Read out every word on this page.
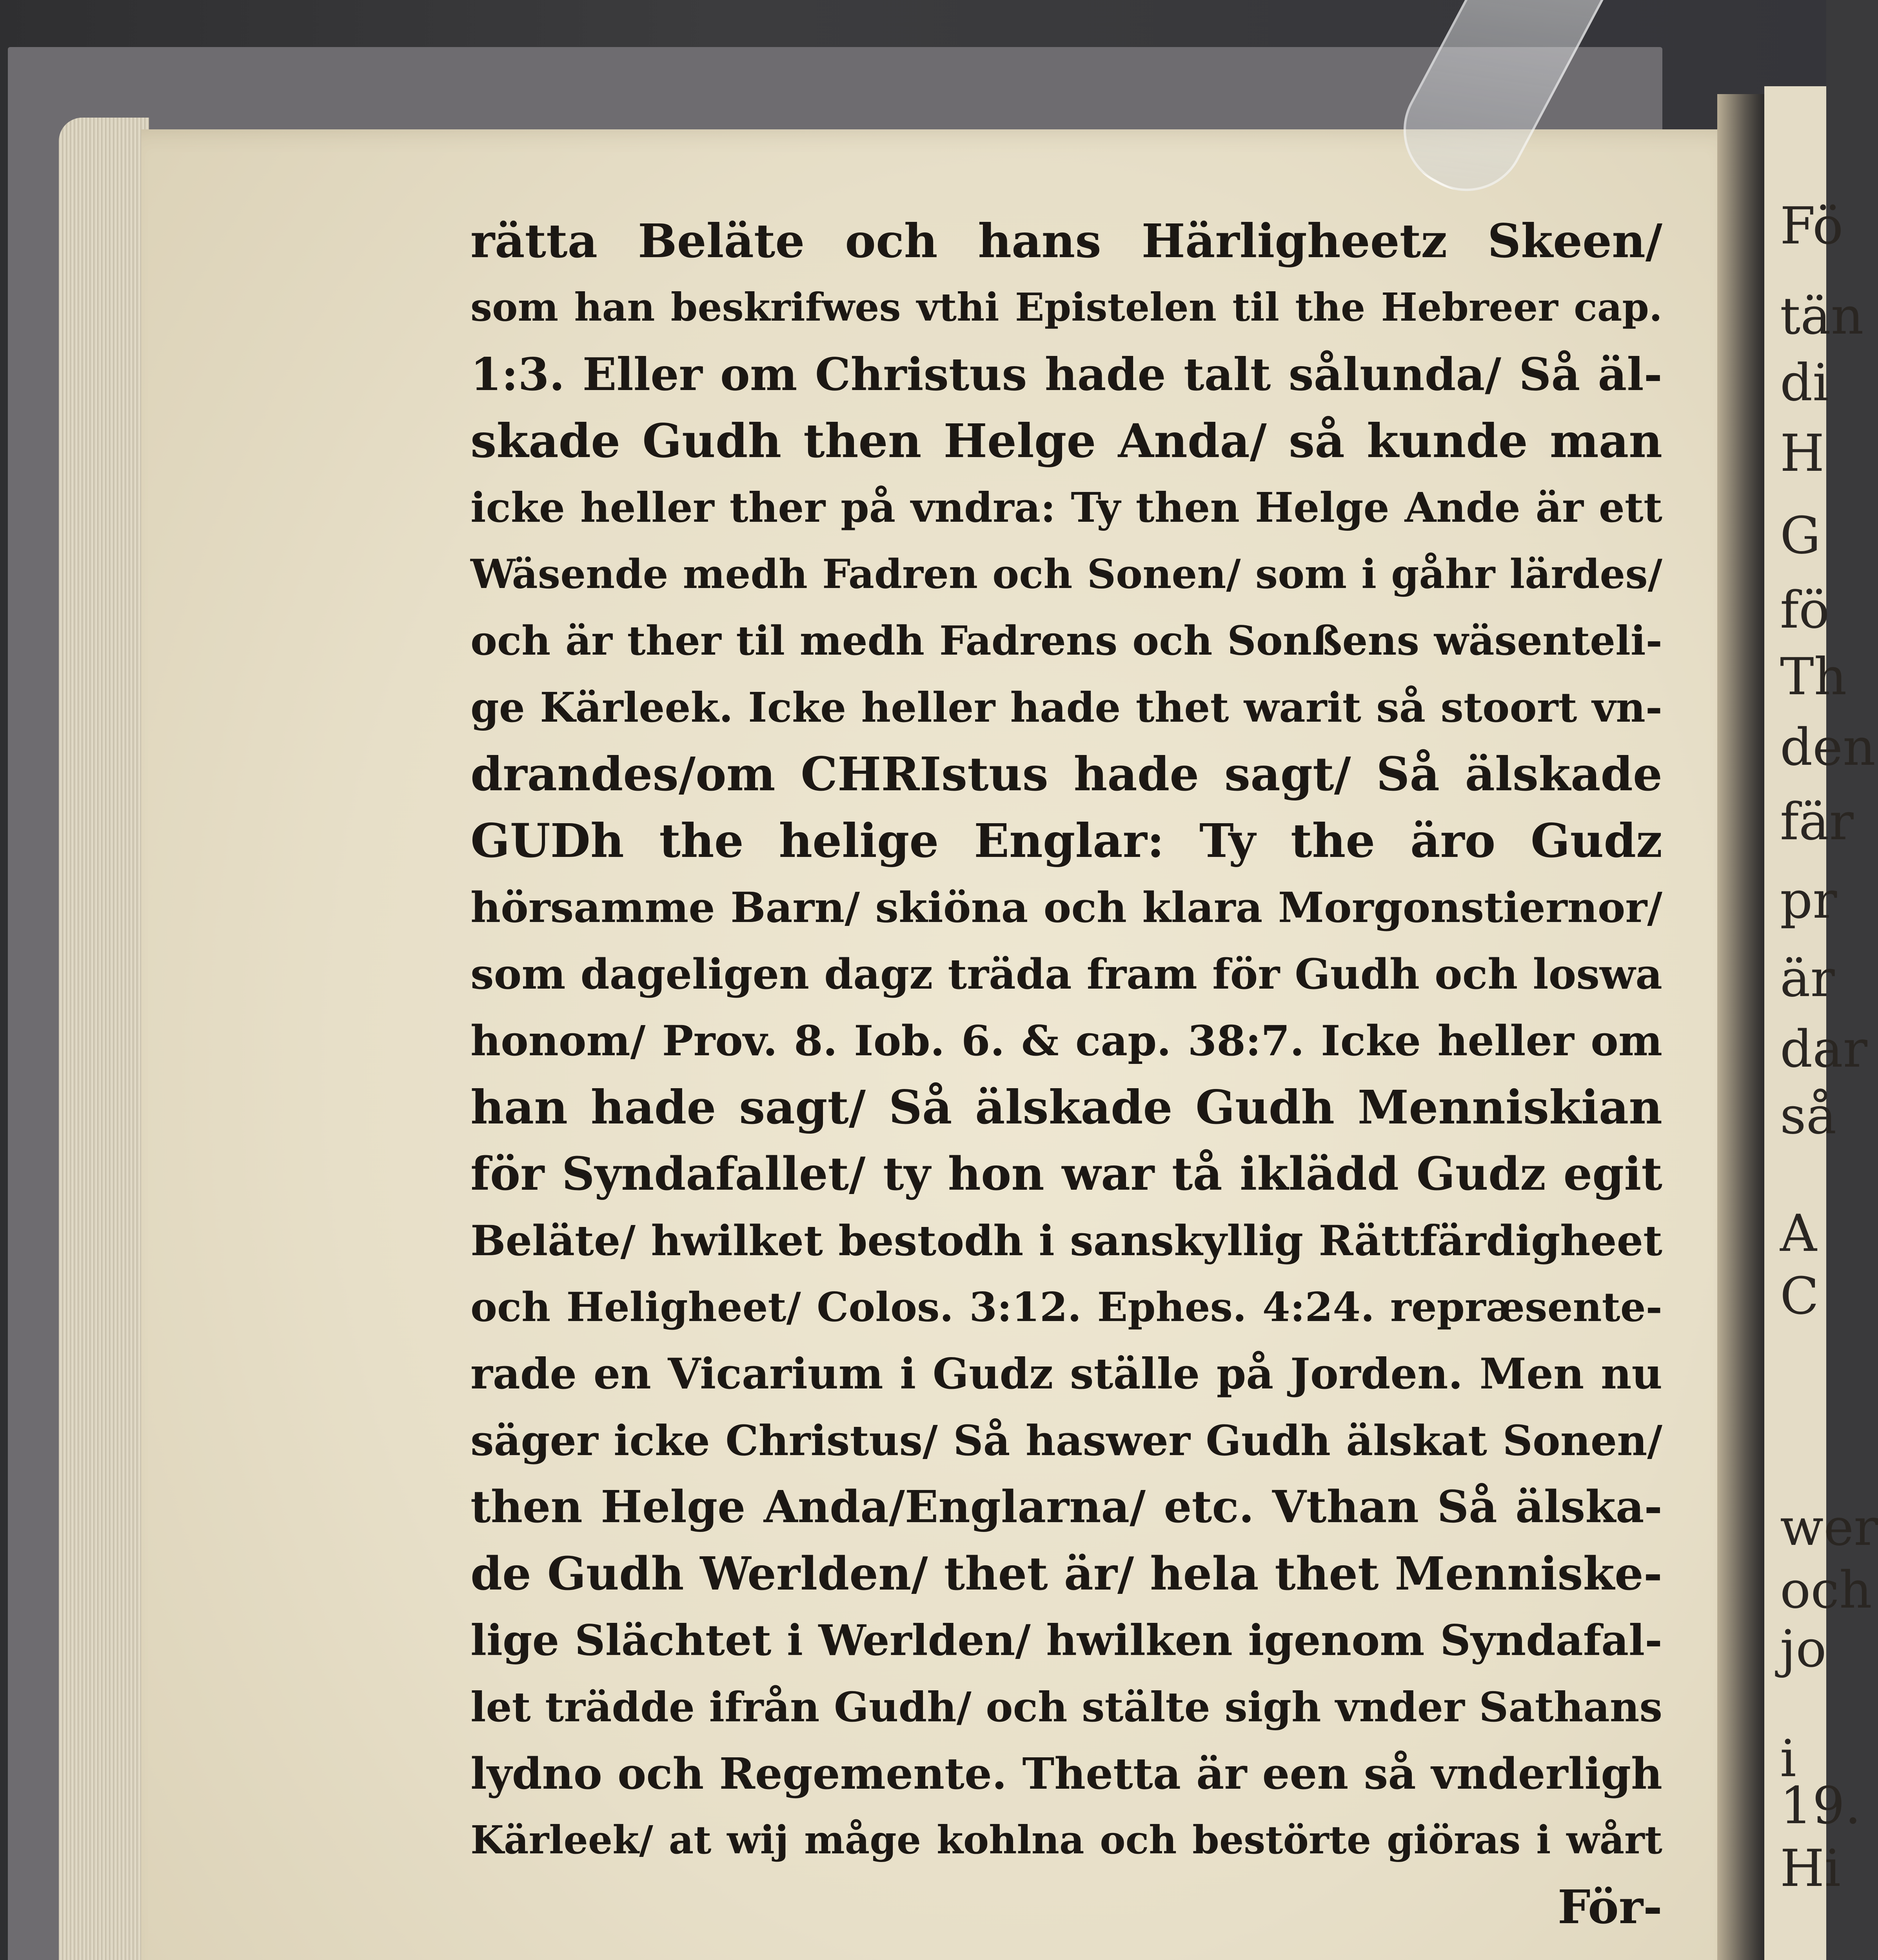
Fö
tän
di
H
G
fö
Th
den
fär
pr
är
dar
så
A
C
wer
och
jo
i
19.
Hi
rätta Beläte och hans Härligheetz Skeen/
som han beskrifwes vthi Epistelen til the Hebreer cap.
1:3. Eller om Christus hade talt sålunda/ Så äl-
skade Gudh then Helge Anda/ så kunde man
icke heller ther på vndra: Ty then Helge Ande är ett
Wäsende medh Fadren och Sonen/ som i gåhr lärdes/
och är ther til medh Fadrens och Sonßens wäsenteli-
ge Kärleek. Icke heller hade thet warit så stoort vn-
drandes/om CHRIstus hade sagt/ Så älskade
GUDh the helige Englar: Ty the äro Gudz
hörsamme Barn/ skiöna och klara Morgonstiernor/
som dageligen dagz träda fram för Gudh och loswa
honom/ Prov. 8. Iob. 6. & cap. 38:7. Icke heller om
han hade sagt/ Så älskade Gudh Menniskian
för Syndafallet/ ty hon war tå iklädd Gudz egit
Beläte/ hwilket bestodh i sanskyllig Rättfärdigheet
och Heligheet/ Colos. 3:12. Ephes. 4:24. repræsente-
rade en Vicarium i Gudz ställe på Jorden. Men nu
säger icke Christus/ Så haswer Gudh älskat Sonen/
then Helge Anda/Englarna/ etc. Vthan Så älska-
de Gudh Werlden/ thet är/ hela thet Menniske-
lige Slächtet i Werlden/ hwilken igenom Syndafal-
let trädde ifrån Gudh/ och stälte sigh vnder Sathans
lydno och Regemente. Thetta är een så vnderligh
Kärleek/ at wij måge kohlna och bestörte giöras i wårt
För-
